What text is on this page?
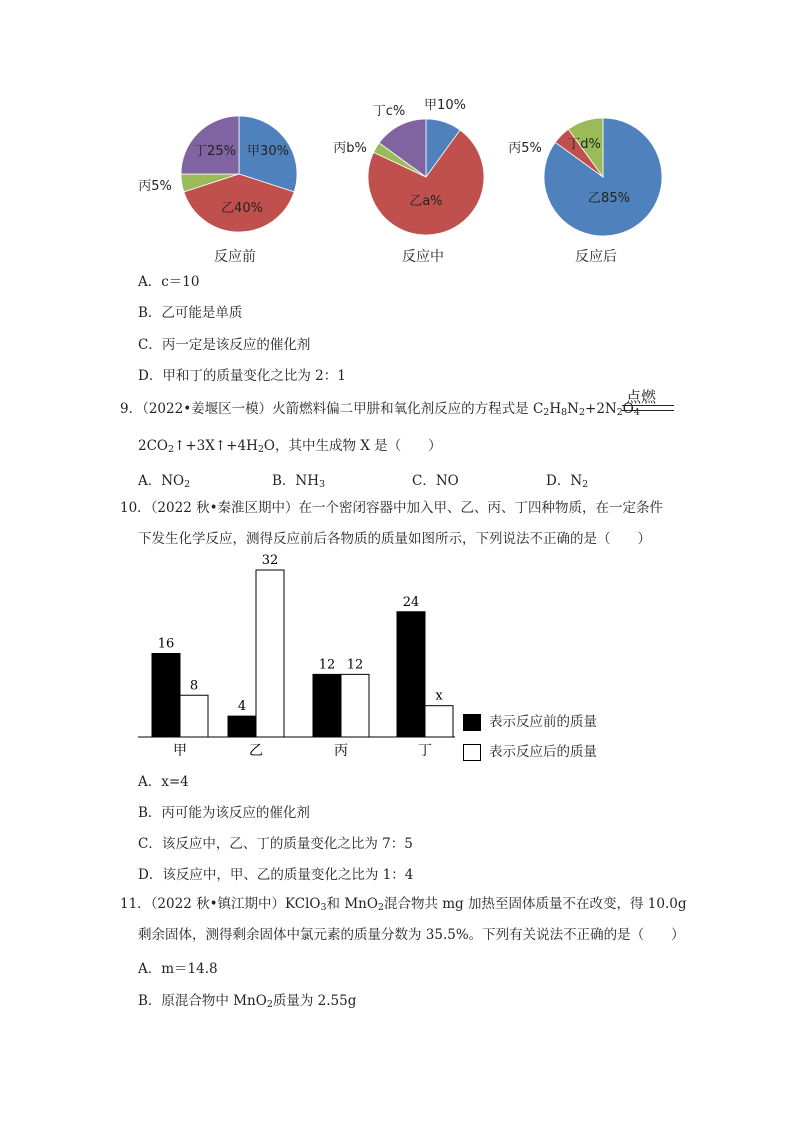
甲30%
乙40%
丙5%
丁25%
甲10%
乙a%
丙b%
丁c%
乙85%
丙5% 丁d%
反应前	反应中	反应后
A．c＝10
B．乙可能是单质
C．丙一定是该反应的催化剂
D．甲和丁的质量变化之比为 2：1
9．（2022•姜堰区一模）火箭燃料偏二甲肼和氧化剂反应的方程式是 $C_2H_8N_2+2N_2O_4$
点燃
$2CO_2↑+3X↑+4H_2O$，其中生成物 X 是（　　）
A．$NO_2$	B．$NH_3$	C．NO	D．$N_2$
10．（2022 秋•秦淮区期中）在一个密闭容器中加入甲、乙、丙、丁四种物质，在一定条件
下发生化学反应，测得反应前后各物质的质量如图所示，下列说法不正确的是（　　）
16
8
甲
4
32
乙
12 12
丙
24
x
丁
表示反应前的质量
表示反应后的质量
A．x=4
B．丙可能为该反应的催化剂
C．该反应中，乙、丁的质量变化之比为 7：5
D．该反应中，甲、乙的质量变化之比为 1：4
11．（2022 秋•镇江期中）KClO$_3$和 MnO$_2$混合物共 mg 加热至固体质量不在改变，得 10.0g
剩余固体，测得剩余固体中氯元素的质量分数为 35.5%。下列有关说法不正确的是（　　）
A．m＝14.8
B．原混合物中 MnO$_2$质量为 2.55g
